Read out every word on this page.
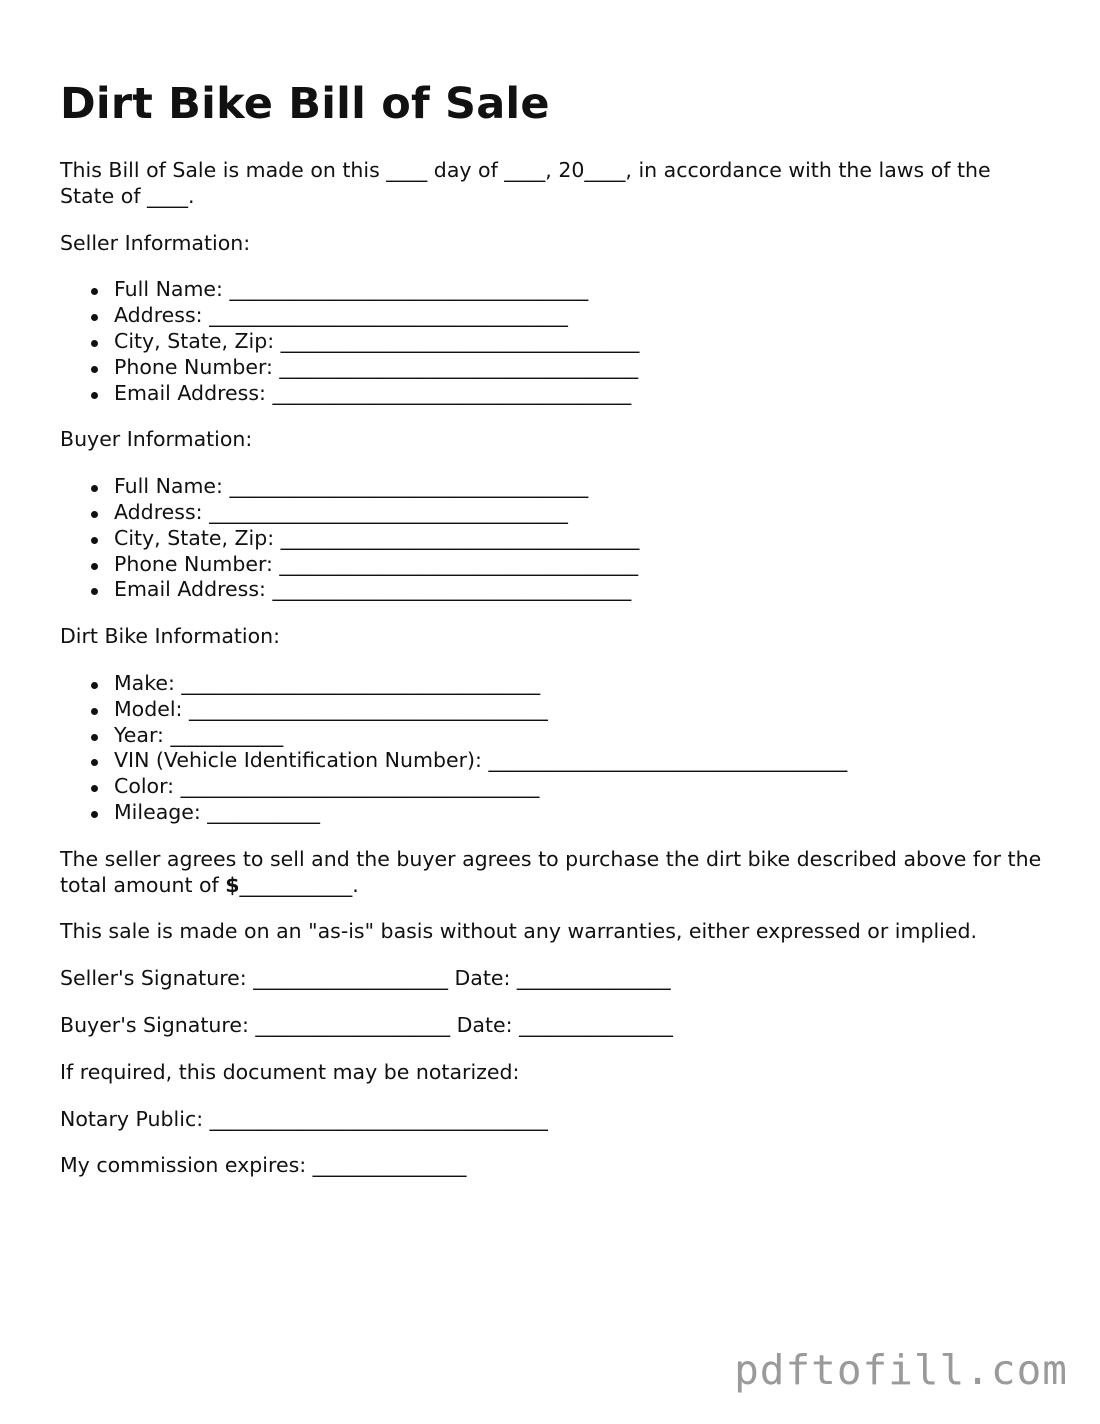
Dirt Bike Bill of Sale

This Bill of Sale is made on this ____ day of ____, 20____, in accordance with the laws of the State of ____.

Seller Information:

Full Name: ___________________________________
Address: ___________________________________
City, State, Zip: ___________________________________
Phone Number: ___________________________________
Email Address: ___________________________________

Buyer Information:

Full Name: ___________________________________
Address: ___________________________________
City, State, Zip: ___________________________________
Phone Number: ___________________________________
Email Address: ___________________________________

Dirt Bike Information:

Make: ___________________________________
Model: ___________________________________
Year: ___________
VIN (Vehicle Identification Number): ___________________________________
Color: ___________________________________
Mileage: ___________

The seller agrees to sell and the buyer agrees to purchase the dirt bike described above for the total amount of $___________.

This sale is made on an "as-is" basis without any warranties, either expressed or implied.

Seller's Signature: ___________________ Date: _______________

Buyer's Signature: ___________________ Date: _______________

If required, this document may be notarized:

Notary Public: _________________________________

My commission expires: _______________

pdftofill.com
